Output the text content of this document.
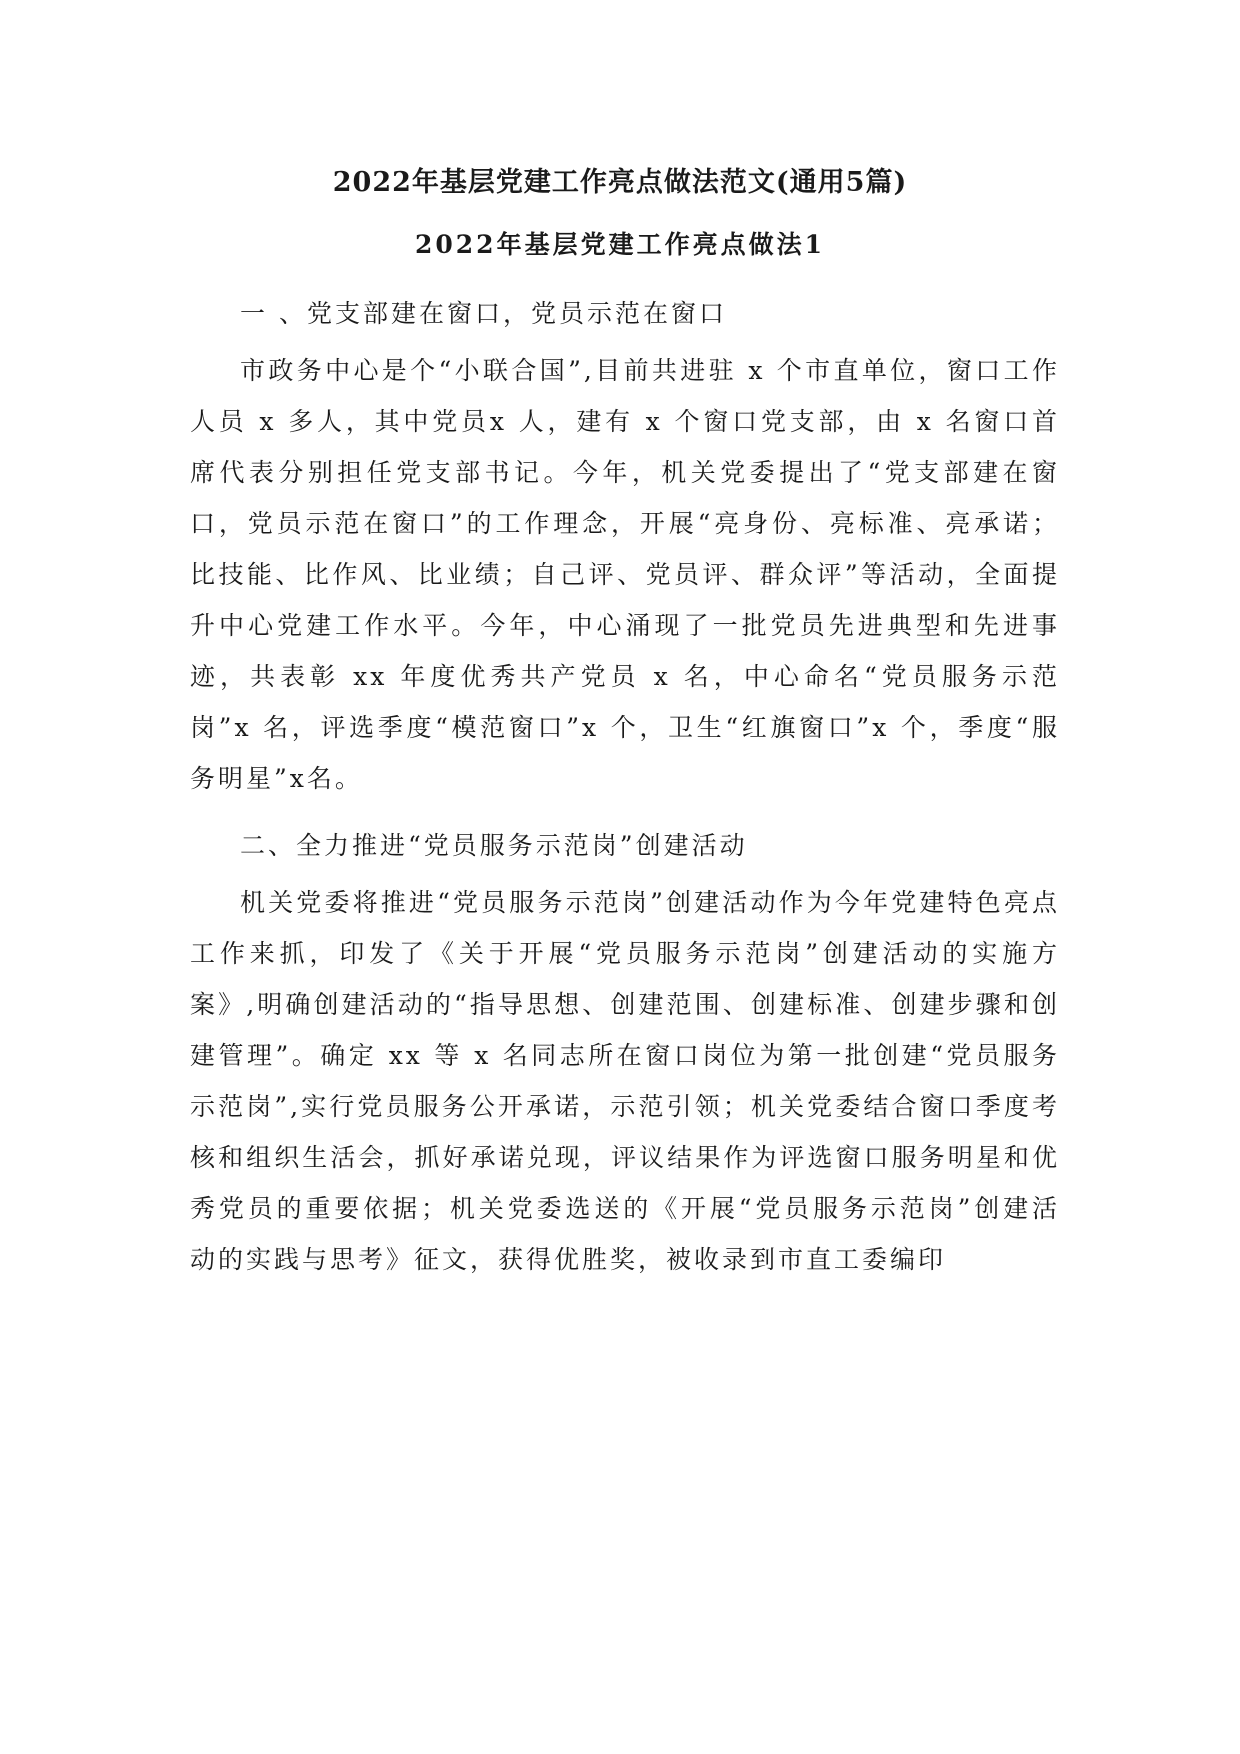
2022年基层党建工作亮点做法范文(通用5篇)
2022年基层党建工作亮点做法1

一 、党支部建在窗口，党员示范在窗口

市政务中心是个“小联合国”,目前共进驻 x 个市直单位，窗口工作人员 x 多人，其中党员x 人，建有 x 个窗口党支部，由 x 名窗口首席代表分别担任党支部书记。今年，机关党委提出了“党支部建在窗口，党员示范在窗口”的工作理念，开展“亮身份、亮标准、亮承诺；比技能、比作风、比业绩；自己评、党员评、群众评”等活动，全面提升中心党建工作水平。今年，中心涌现了一批党员先进典型和先进事迹，共表彰 xx 年度优秀共产党员 x 名，中心命名“党员服务示范岗”x 名，评选季度“模范窗口”x 个，卫生“红旗窗口”x 个，季度“服务明星”x名。

二、全力推进“党员服务示范岗”创建活动

机关党委将推进“党员服务示范岗”创建活动作为今年党建特色亮点工作来抓，印发了《关于开展“党员服务示范岗”创建活动的实施方案》,明确创建活动的“指导思想、创建范围、创建标准、创建步骤和创建管理”。确定 xx 等 x 名同志所在窗口岗位为第一批创建“党员服务示范岗”,实行党员服务公开承诺，示范引领；机关党委结合窗口季度考核和组织生活会，抓好承诺兑现，评议结果作为评选窗口服务明星和优秀党员的重要依据；机关党委选送的《开展“党员服务示范岗”创建活动的实践与思考》征文，获得优胜奖，被收录到市直工委编印
